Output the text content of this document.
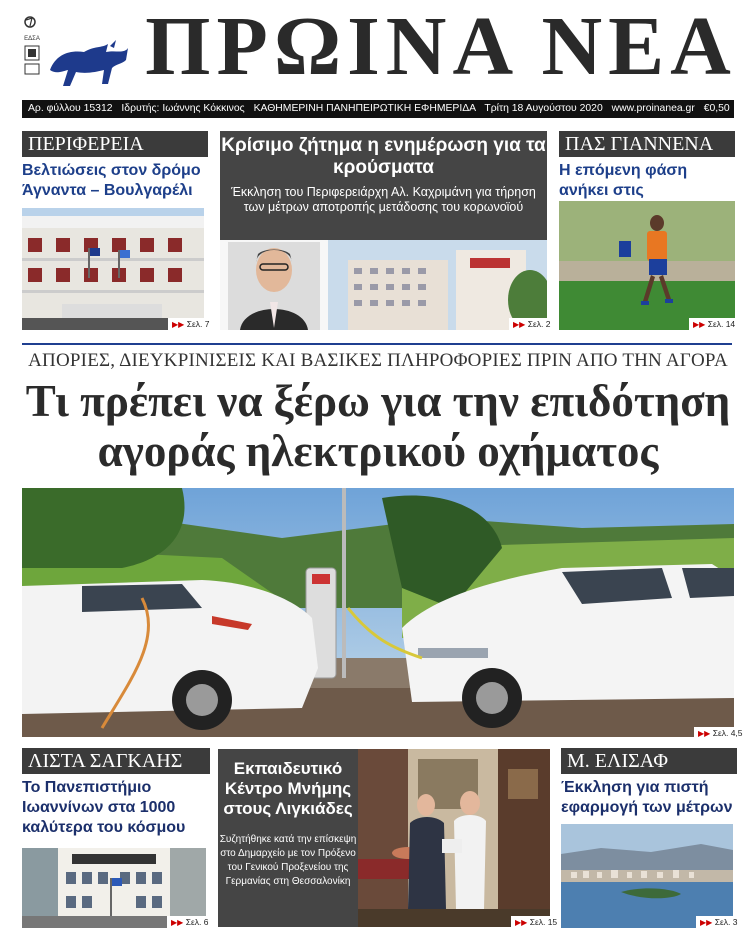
ΕΔΣΑ ΠΡΩΙΝΑ ΝΕΑ
Αρ. φύλλου 15312 Ιδρυτής: Ιωάννης Κόκκινος ΚΑΘΗΜΕΡΙΝΗ ΠΑΝΗΠΕΙΡΩΤΙΚΗ ΕΦΗΜΕΡΙΔΑ Τρίτη 18 Αυγούστου 2020 www.proinanea.gr €0,50
ΠΕΡΙΦΕΡΕΙΑ
Βελτιώσεις στον δρόμο Άγναντα – Βουλγαρέλι
▶▶ Σελ. 7
Κρίσιμο ζήτημα η ενημέρωση για τα κρούσματα
Έκκληση του Περιφερειάρχη Αλ. Καχριμάνη για τήρηση των μέτρων αποτροπής μετάδοσης του κορωνοϊού
▶▶ Σελ. 2
ΠΑΣ ΓΙΑΝΝΕΝΑ
Η επόμενη φάση ανήκει στις
▶▶ Σελ. 14
ΑΠΟΡΙΕΣ, ΔΙΕΥΚΡΙΝΙΣΕΙΣ ΚΑΙ ΒΑΣΙΚΕΣ ΠΛΗΡΟΦΟΡΙΕΣ ΠΡΙΝ ΑΠΟ ΤΗΝ ΑΓΟΡΑ
Τι πρέπει να ξέρω για την επιδότηση
αγοράς ηλεκτρικού οχήματος
▶▶ Σελ. 4,5
ΛΙΣΤΑ ΣΑΓΚΑΗΣ
Το Πανεπιστήμιο Ιωαννίνων στα 1000 καλύτερα του κόσμου
▶▶ Σελ. 6
Εκπαιδευτικό Κέντρο Μνήμης στους Λιγκιάδες
Συζητήθηκε κατά την επίσκεψη στο Δημαρχείο με τον Πρόξενο του Γενικού Προξενείου της Γερμανίας στη Θεσσαλονίκη
▶▶ Σελ. 15
Μ. ΕΛΙΣΑΦ
Έκκληση για πιστή εφαρμογή των μέτρων
▶▶ Σελ. 3
